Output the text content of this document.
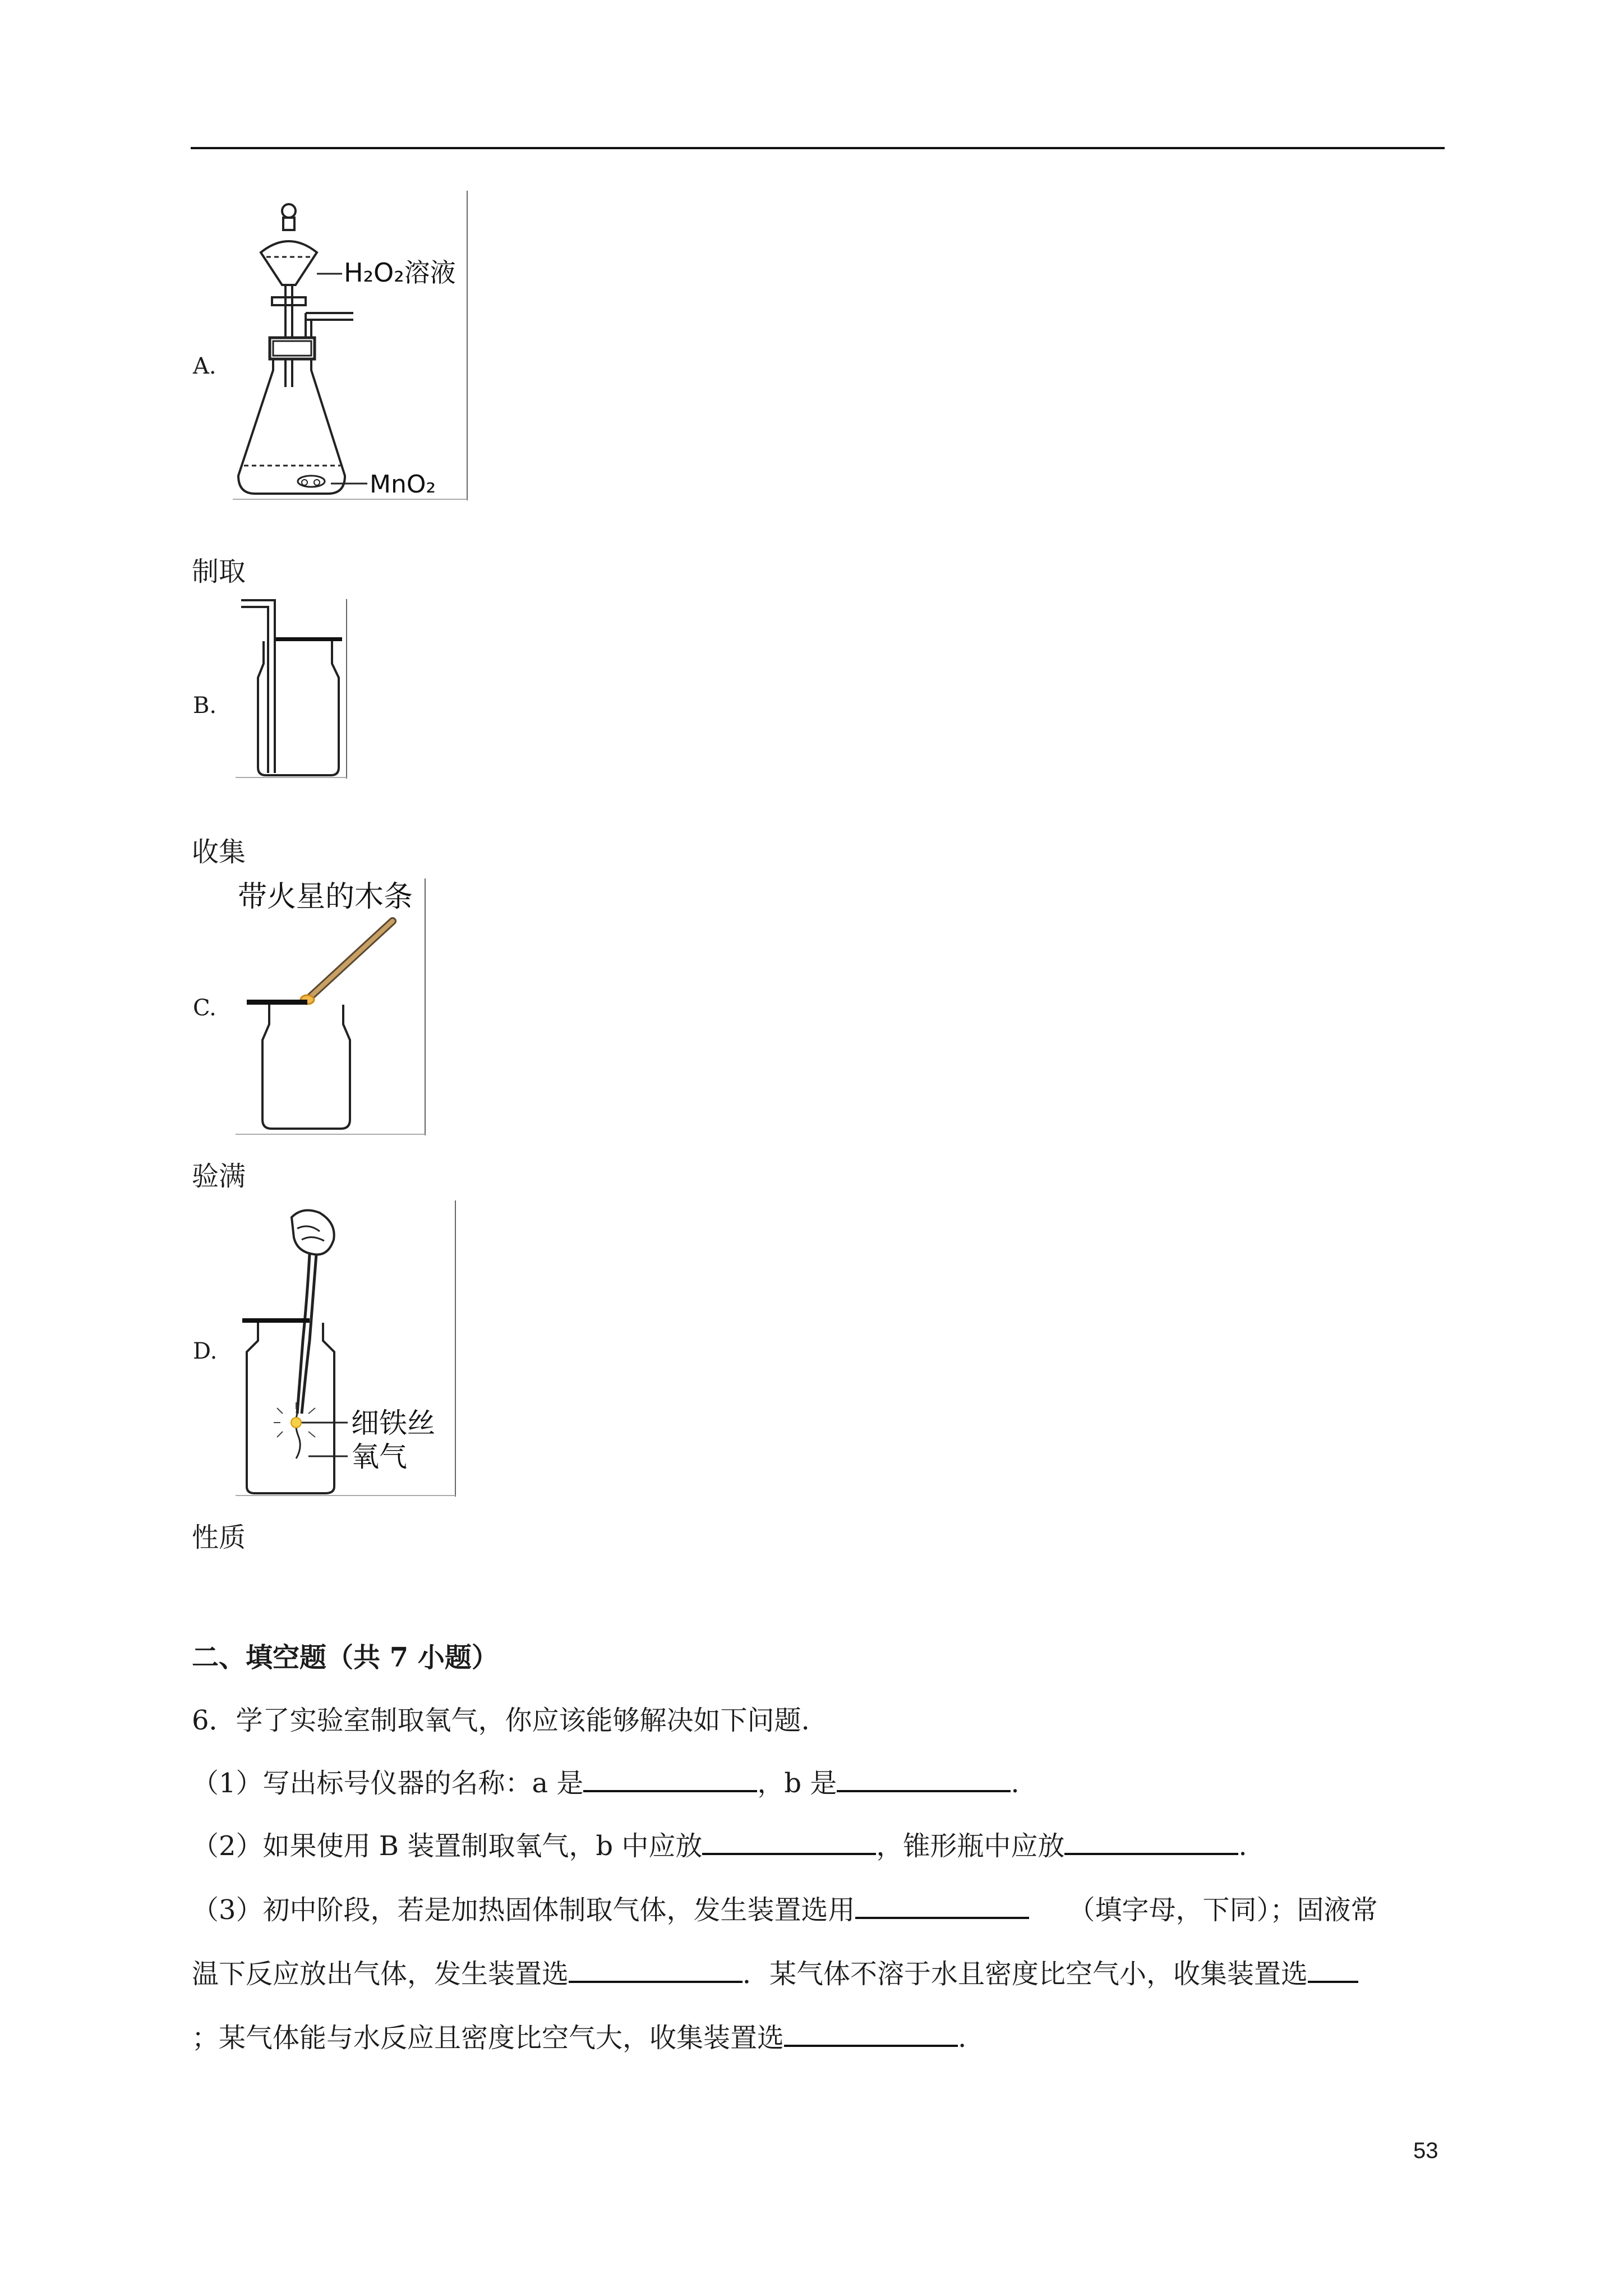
A.
H₂O₂溶液
MnO₂
制取
B.
收集
C.
带火星的木条
验满
D.
细铁丝
氧气
性质
二、填空题（共 7 小题）
6．学了实验室制取氧气，你应该能够解决如下问题.
（1）写出标号仪器的名称：a 是	，b 是	.
（2）如果使用 B 装置制取氧气，b 中应放	，锥形瓶中应放	.
（3）初中阶段，若是加热固体制取气体，发生装置选用	（填字母，下同）；固液常
温下反应放出气体，发生装置选	．某气体不溶于水且密度比空气小，收集装置选
；某气体能与水反应且密度比空气大，收集装置选	.
53
